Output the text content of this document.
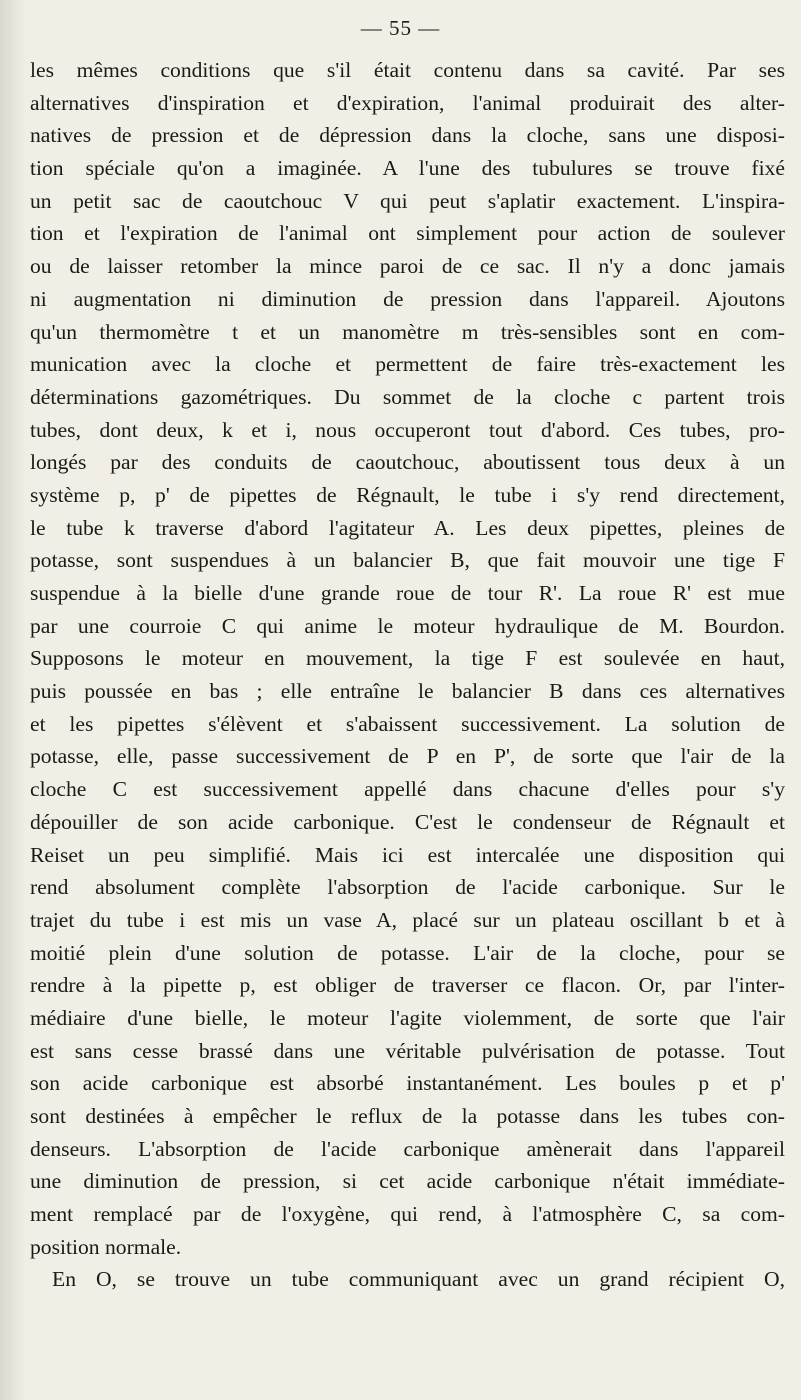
— 55 —
les mêmes conditions que s'il était contenu dans sa cavité. Par ses
alternatives d'inspiration et d'expiration, l'animal produirait des alter-
natives de pression et de dépression dans la cloche, sans une disposi-
tion spéciale qu'on a imaginée. A l'une des tubulures se trouve fixé
un petit sac de caoutchouc V qui peut s'aplatir exactement. L'inspira-
tion et l'expiration de l'animal ont simplement pour action de soulever
ou de laisser retomber la mince paroi de ce sac. Il n'y a donc jamais
ni augmentation ni diminution de pression dans l'appareil. Ajoutons
qu'un thermomètre t et un manomètre m très-sensibles sont en com-
munication avec la cloche et permettent de faire très-exactement les
déterminations gazométriques. Du sommet de la cloche c partent trois
tubes, dont deux, k et i, nous occuperont tout d'abord. Ces tubes, pro-
longés par des conduits de caoutchouc, aboutissent tous deux à un
système p, p' de pipettes de Régnault, le tube i s'y rend directement,
le tube k traverse d'abord l'agitateur A. Les deux pipettes, pleines de
potasse, sont suspendues à un balancier B, que fait mouvoir une tige F
suspendue à la bielle d'une grande roue de tour R'. La roue R' est mue
par une courroie C qui anime le moteur hydraulique de M. Bourdon.
Supposons le moteur en mouvement, la tige F est soulevée en haut,
puis poussée en bas ; elle entraîne le balancier B dans ces alternatives
et les pipettes s'élèvent et s'abaissent successivement. La solution de
potasse, elle, passe successivement de P en P', de sorte que l'air de la
cloche C est successivement appellé dans chacune d'elles pour s'y
dépouiller de son acide carbonique. C'est le condenseur de Régnault et
Reiset un peu simplifié. Mais ici est intercalée une disposition qui
rend absolument complète l'absorption de l'acide carbonique. Sur le
trajet du tube i est mis un vase A, placé sur un plateau oscillant b et à
moitié plein d'une solution de potasse. L'air de la cloche, pour se
rendre à la pipette p, est obliger de traverser ce flacon. Or, par l'inter-
médiaire d'une bielle, le moteur l'agite violemment, de sorte que l'air
est sans cesse brassé dans une véritable pulvérisation de potasse. Tout
son acide carbonique est absorbé instantanément. Les boules p et p'
sont destinées à empêcher le reflux de la potasse dans les tubes con-
denseurs. L'absorption de l'acide carbonique amènerait dans l'appareil
une diminution de pression, si cet acide carbonique n'était immédiate-
ment remplacé par de l'oxygène, qui rend, à l'atmosphère C, sa com-
position normale.
En O, se trouve un tube communiquant avec un grand récipient O,
